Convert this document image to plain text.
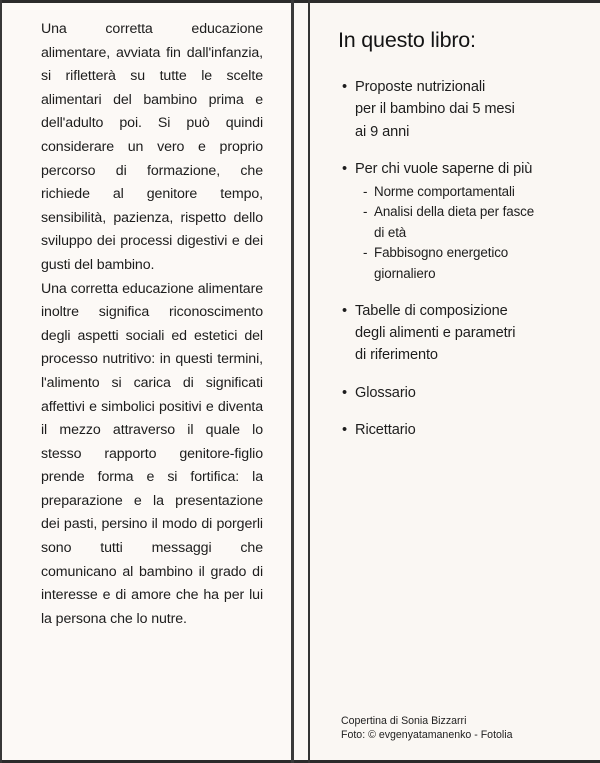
Una corretta educazione alimentare, avviata fin dall'infanzia, si rifletterà su tutte le scelte alimentari del bambino prima e dell'adulto poi. Si può quindi considerare un vero e proprio percorso di formazione, che richiede al genitore tempo, sensibilità, pazienza, rispetto dello sviluppo dei processi digestivi e dei gusti del bambino.

Una corretta educazione alimentare inoltre significa riconoscimento degli aspetti sociali ed estetici del processo nutritivo: in questi termini, l'alimento si carica di significati affettivi e simbolici positivi e diventa il mezzo attraverso il quale lo stesso rapporto genitore-figlio prende forma e si fortifica: la preparazione e la presentazione dei pasti, persino il modo di porgerli sono tutti messaggi che comunicano al bambino il grado di interesse e di amore che ha per lui la persona che lo nutre.

In questo libro:
• Proposte nutrizionali
per il bambino dai 5 mesi
ai 9 anni
• Per chi vuole saperne di più
- Norme comportamentali
- Analisi della dieta per fasce
di età
- Fabbisogno energetico
giornaliero
• Tabelle di composizione
degli alimenti e parametri
di riferimento
• Glossario
• Ricettario
Copertina di Sonia Bizzarri
Foto: © evgenyatamanenko - Fotolia
